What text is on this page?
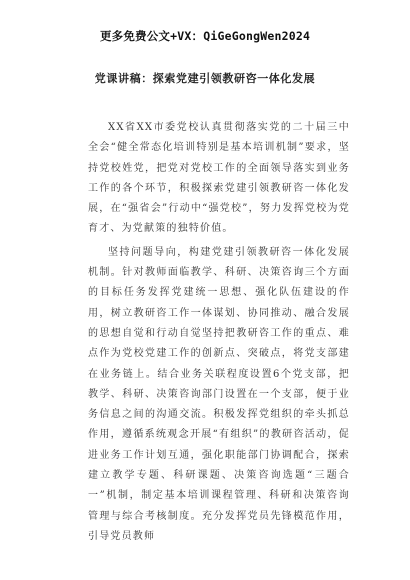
更多免费公文+VX：QiGeGongWen2024
党课讲稿：探索党建引领教研咨一体化发展

XX省XX市委党校认真贯彻落实党的二十届三中全会“健全常态化培训特别是基本培训机制”要求，坚持党校姓党，把党对党校工作的全面领导落实到业务工作的各个环节，积极探索党建引领教研咨一体化发展，在“强省会”行动中“强党校”，努力发挥党校为党育才、为党献策的独特价值。

坚持问题导向，构建党建引领教研咨一体化发展机制。针对教师面临教学、科研、决策咨询三个方面的目标任务发挥党建统一思想、强化队伍建设的作用，树立教研咨工作一体谋划、协同推动、融合发展的思想自觉和行动自觉坚持把教研咨工作的重点、难点作为党校党建工作的创新点、突破点，将党支部建在业务链上。结合业务关联程度设置6个党支部，把教学、科研、决策咨询部门设置在一个支部，便于业务信息之间的沟通交流。积极发挥党组织的牵头抓总作用，遵循系统观念开展“有组织”的教研咨活动，促进业务工作计划互通，强化职能部门协调配合，探索建立教学专题、科研课题、决策咨询选题“三题合一”机制，制定基本培训课程管理、科研和决策咨询管理与综合考核制度。充分发挥党员先锋模范作用，引导党员教师
